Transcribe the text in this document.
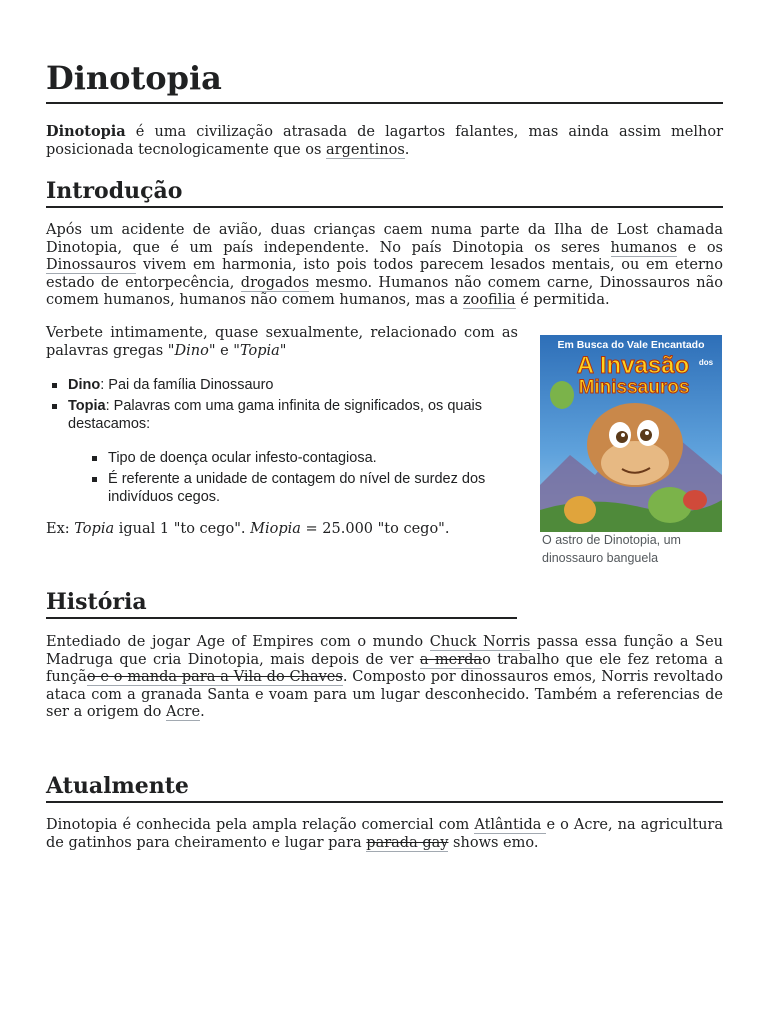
Dinotopia

Dinotopia é uma civilização atrasada de lagartos falantes, mas ainda assim melhor posicionada tecnologicamente que os argentinos.

Introdução

Após um acidente de avião, duas crianças caem numa parte da Ilha de Lost chamada Dinotopia, que é um país independente. No país Dinotopia os seres humanos e os Dinossauros vivem em harmonia, isto pois todos parecem lesados mentais, ou em eterno estado de entorpecência, drogados mesmo. Humanos não comem carne, Dinossauros não comem humanos, humanos não comem humanos, mas a zoofilia é permitida.

Verbete intimamente, quase sexualmente, relacionado com as palavras gregas "Dino" e "Topia"

Dino: Pai da família Dinossauro
Topia: Palavras com uma gama infinita de significados, os quais destacamos:
Tipo de doença ocular infesto-contagiosa.
É referente a unidade de contagem do nível de surdez dos indivíduos cegos.

Ex: Topia igual 1 "to cego". Miopia = 25.000 "to cego".

Em Busca do Vale Encantado
A Invasão dos
Minissauros
O astro de Dinotopia, um dinossauro banguela
História

Entediado de jogar Age of Empires com o mundo Chuck Norris passa essa função a Seu Madruga que cria Dinotopia, mais depois de ver a merdao trabalho que ele fez retoma a função e o manda para a Vila do Chaves. Composto por dinossauros emos, Norris revoltado ataca com a granada Santa e voam para um lugar desconhecido. Também a referencias de ser a origem do Acre.

Atualmente

Dinotopia é conhecida pela ampla relação comercial com Atlântida e o Acre, na agricultura de gatinhos para cheiramento e lugar para parada gay shows emo.
